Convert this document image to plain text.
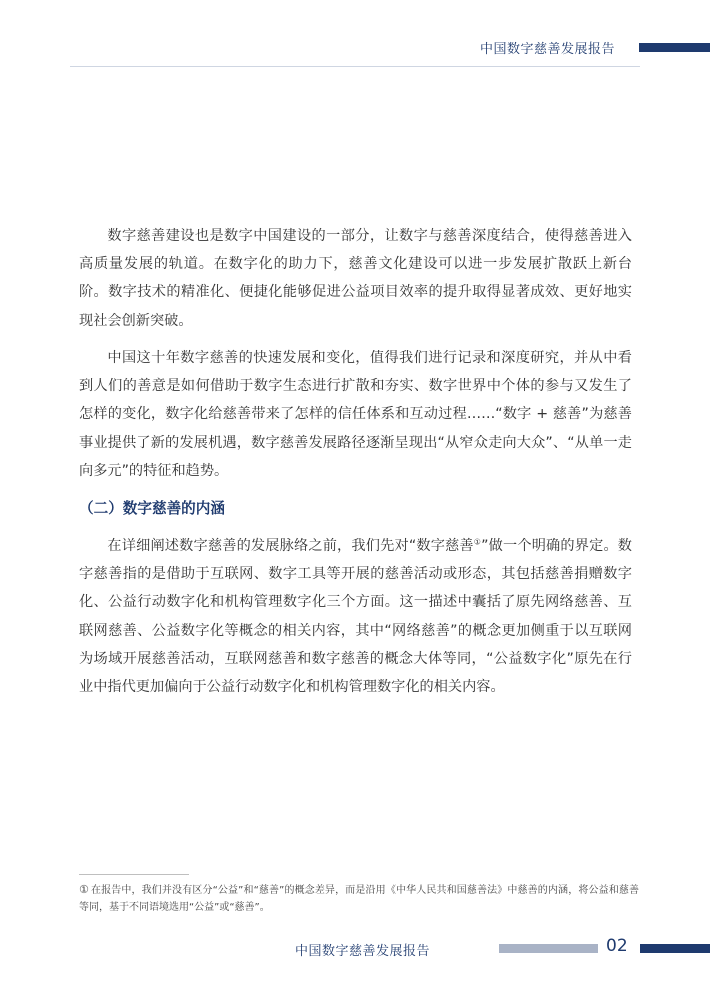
中国数字慈善发展报告

数字慈善建设也是数字中国建设的一部分，让数字与慈善深度结合，使得慈善进入高质量发展的轨道。在数字化的助力下，慈善文化建设可以进一步发展扩散跃上新台阶。数字技术的精准化、便捷化能够促进公益项目效率的提升取得显著成效、更好地实现社会创新突破。

中国这十年数字慈善的快速发展和变化，值得我们进行记录和深度研究，并从中看到人们的善意是如何借助于数字生态进行扩散和夯实、数字世界中个体的参与又发生了怎样的变化，数字化给慈善带来了怎样的信任体系和互动过程……“数字 + 慈善”为慈善事业提供了新的发展机遇，数字慈善发展路径逐渐呈现出“从窄众走向大众”、“从单一走向多元”的特征和趋势。

（二）数字慈善的内涵

在详细阐述数字慈善的发展脉络之前，我们先对“数字慈善①”做一个明确的界定。数字慈善指的是借助于互联网、数字工具等开展的慈善活动或形态，其包括慈善捐赠数字化、公益行动数字化和机构管理数字化三个方面。这一描述中囊括了原先网络慈善、互联网慈善、公益数字化等概念的相关内容，其中“网络慈善”的概念更加侧重于以互联网为场域开展慈善活动，互联网慈善和数字慈善的概念大体等同，“公益数字化”原先在行业中指代更加偏向于公益行动数字化和机构管理数字化的相关内容。

① 在报告中，我们并没有区分“公益”和“慈善”的概念差异，而是沿用《中华人民共和国慈善法》中慈善的内涵，将公益和慈善等同，基于不同语境选用“公益”或“慈善”。

中国数字慈善发展报告	02
